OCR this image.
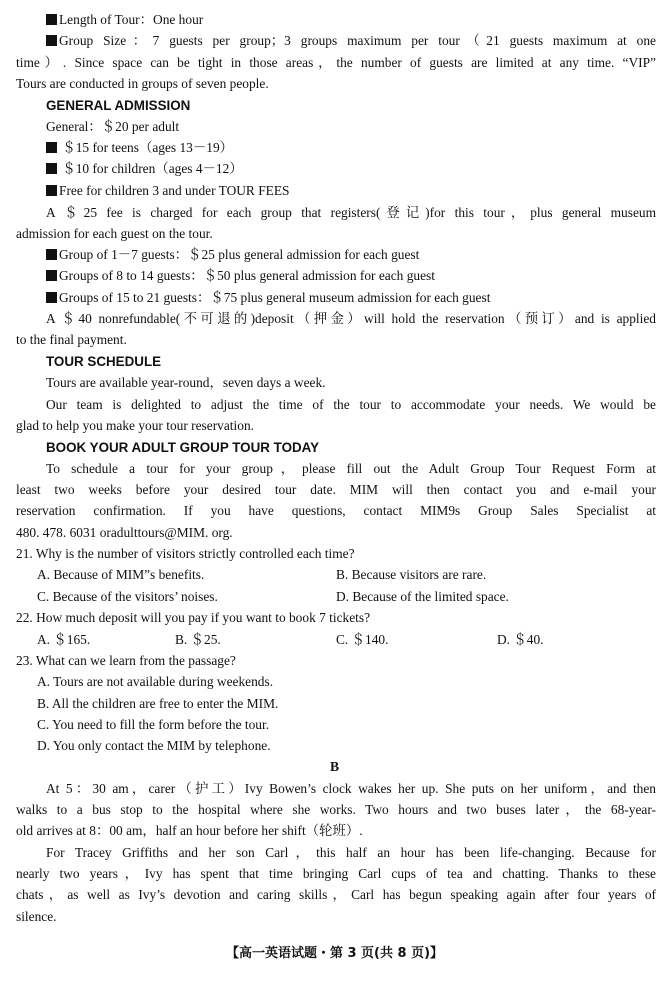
Length of Tour：One hour
Group Size：7 guests per group；3 groups maximum per tour（21 guests maximum at one
time）. Since space can be tight in those areas，the number of guests are limited at any time. “VIP”
Tours are conducted in groups of seven people.
GENERAL ADMISSION
General：＄20 per adult
＄15 for teens（ages 13－19）
＄10 for children（ages 4－12）
Free for children 3 and under TOUR FEES
A ＄25 fee is charged for each group that registers(登记)for this tour，plus general museum
admission for each guest on the tour.
Group of 1－7 guests：＄25 plus general admission for each guest
Groups of 8 to 14 guests：＄50 plus general admission for each guest
Groups of 15 to 21 guests：＄75 plus general museum admission for each guest
A ＄40 nonrefundable(不可退的)deposit（押金）will hold the reservation（预订）and is applied
to the final payment.
TOUR SCHEDULE
Tours are available year-round，seven days a week.
Our team is delighted to adjust the time of the tour to accommodate your needs. We would be
glad to help you make your tour reservation.
BOOK YOUR ADULT GROUP TOUR TODAY
To schedule a tour for your group，please fill out the Adult Group Tour Request Form at
least two weeks before your desired tour date. MIM will then contact you and e-mail your
reservation confirmation. If you have questions, contact MIM9s Group Sales Specialist at
480. 478. 6031 oradulttours@MIM. org.
21. Why is the number of visitors strictly controlled each time?
A. Because of MIM”s benefits.	B. Because visitors are rare.
C. Because of the visitors’ noises.	D. Because of the limited space.
22. How much deposit will you pay if you want to book 7 tickets?
A. ＄165.	B. ＄25.	C. ＄140.	D. ＄40.
23. What can we learn from the passage?
A. Tours are not available during weekends.
B. All the children are free to enter the MIM.
C. You need to fill the form before the tour.
D. You only contact the MIM by telephone.
B
At 5：30 am，carer（护工）Ivy Bowen’s clock wakes her up. She puts on her uniform，and then
walks to a bus stop to the hospital where she works. Two hours and two buses later，the 68-year-
old arrives at 8：00 am，half an hour before her shift（轮班）.
For Tracey Griffiths and her son Carl，this half an hour has been life-changing. Because for
nearly two years，Ivy has spent that time bringing Carl cups of tea and chatting. Thanks to these
chats，as well as Ivy’s devotion and caring skills，Carl has begun speaking again after four years of
silence.
【高一英语试题・第 3 页(共 8 页)】
